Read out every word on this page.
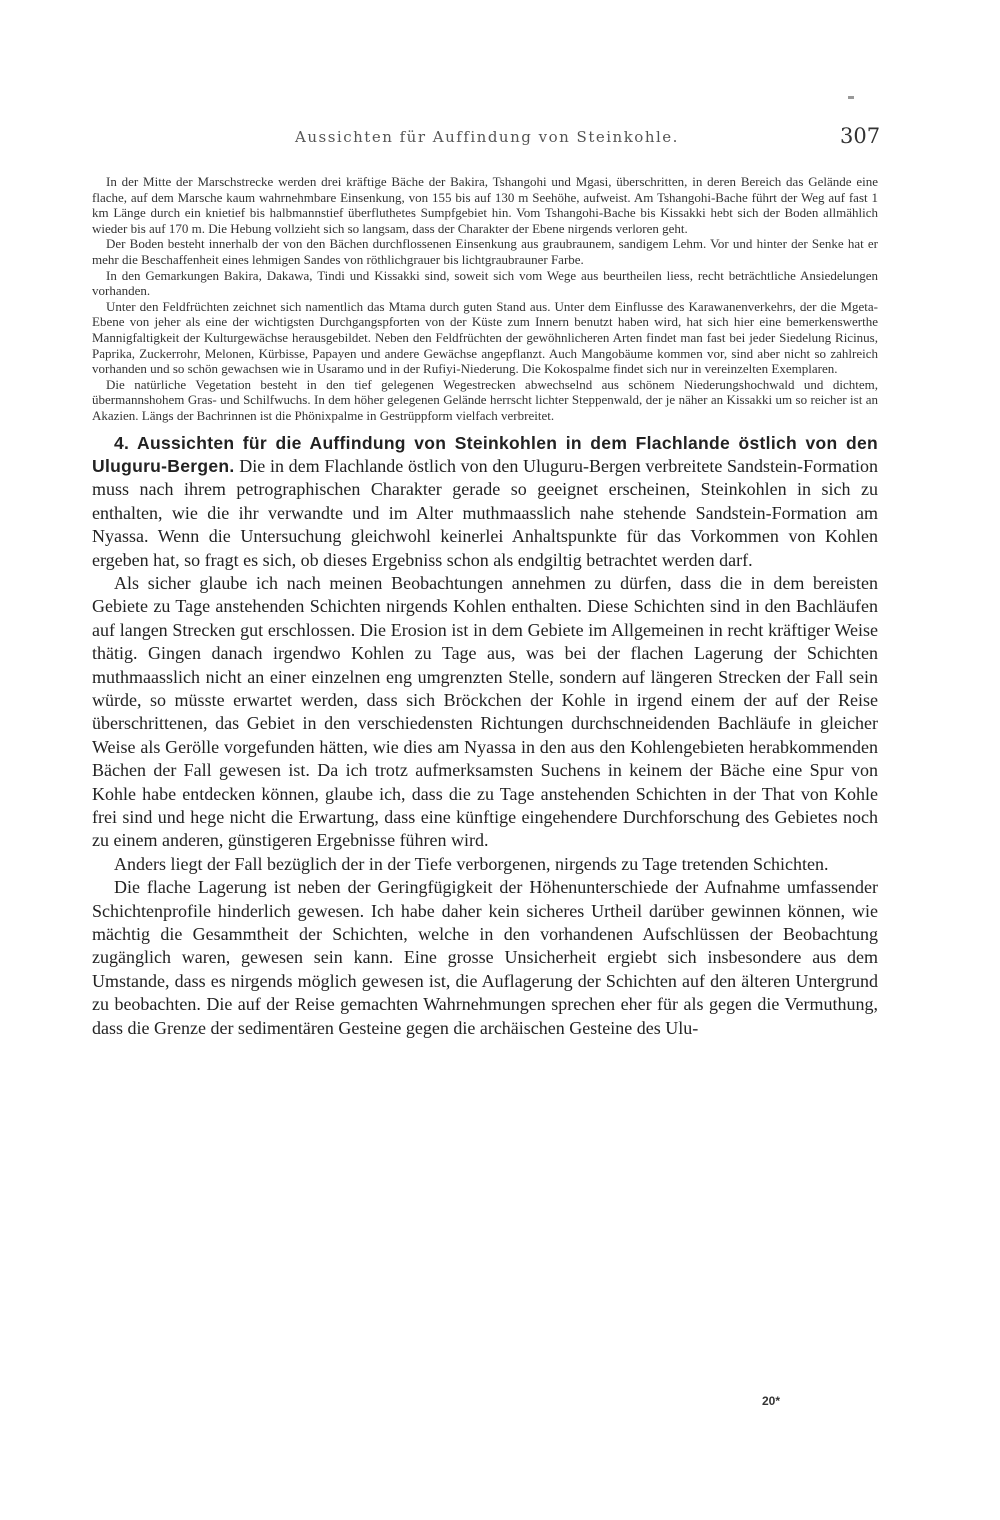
Aussichten für Auffindung von Steinkohle.	307

In der Mitte der Marschstrecke werden drei kräftige Bäche der Bakira, Tshangohi und Mgasi, überschritten, in deren Bereich das Gelände eine flache, auf dem Marsche kaum wahrnehmbare Einsenkung, von 155 bis auf 130 m Seehöhe, aufweist. Am Tshangohi-Bache führt der Weg auf fast 1 km Länge durch ein knietief bis halbmannstief überfluthetes Sumpfgebiet hin. Vom Tshangohi-Bache bis Kissakki hebt sich der Boden allmählich wieder bis auf 170 m. Die Hebung vollzieht sich so langsam, dass der Charakter der Ebene nirgends verloren geht.

Der Boden besteht innerhalb der von den Bächen durchflossenen Einsenkung aus graubraunem, sandigem Lehm. Vor und hinter der Senke hat er mehr die Beschaffenheit eines lehmigen Sandes von röthlichgrauer bis lichtgraubrauner Farbe.

In den Gemarkungen Bakira, Dakawa, Tindi und Kissakki sind, soweit sich vom Wege aus beurtheilen liess, recht beträchtliche Ansiedelungen vorhanden.

Unter den Feldfrüchten zeichnet sich namentlich das Mtama durch guten Stand aus. Unter dem Einflusse des Karawanenverkehrs, der die Mgeta-Ebene von jeher als eine der wichtigsten Durchgangspforten von der Küste zum Innern benutzt haben wird, hat sich hier eine bemerkenswerthe Mannigfaltigkeit der Kulturgewächse herausgebildet. Neben den Feldfrüchten der gewöhnlicheren Arten findet man fast bei jeder Siedelung Ricinus, Paprika, Zuckerrohr, Melonen, Kürbisse, Papayen und andere Gewächse angepflanzt. Auch Mangobäume kommen vor, sind aber nicht so zahlreich vorhanden und so schön gewachsen wie in Usaramo und in der Rufiyi-Niederung. Die Kokospalme findet sich nur in vereinzelten Exemplaren.

Die natürliche Vegetation besteht in den tief gelegenen Wegestrecken abwechselnd aus schönem Niederungshochwald und dichtem, übermannshohem Gras- und Schilfwuchs. In dem höher gelegenen Gelände herrscht lichter Steppenwald, der je näher an Kissakki um so reicher ist an Akazien. Längs der Bachrinnen ist die Phönixpalme in Gestrüppform vielfach verbreitet.

4. Aussichten für die Auffindung von Steinkohlen in dem Flachlande östlich von den Uluguru-Bergen. Die in dem Flachlande östlich von den Uluguru-Bergen verbreitete Sandstein-Formation muss nach ihrem petrographischen Charakter gerade so geeignet erscheinen, Steinkohlen in sich zu enthalten, wie die ihr verwandte und im Alter muthmaasslich nahe stehende Sandstein-Formation am Nyassa. Wenn die Untersuchung gleichwohl keinerlei Anhaltspunkte für das Vorkommen von Kohlen ergeben hat, so fragt es sich, ob dieses Ergebniss schon als endgiltig betrachtet werden darf.

Als sicher glaube ich nach meinen Beobachtungen annehmen zu dürfen, dass die in dem bereisten Gebiete zu Tage anstehenden Schichten nirgends Kohlen enthalten. Diese Schichten sind in den Bachläufen auf langen Strecken gut erschlossen. Die Erosion ist in dem Gebiete im Allgemeinen in recht kräftiger Weise thätig. Gingen danach irgendwo Kohlen zu Tage aus, was bei der flachen Lagerung der Schichten muthmaasslich nicht an einer einzelnen eng umgrenzten Stelle, sondern auf längeren Strecken der Fall sein würde, so müsste erwartet werden, dass sich Bröckchen der Kohle in irgend einem der auf der Reise überschrittenen, das Gebiet in den verschiedensten Richtungen durchschneidenden Bachläufe in gleicher Weise als Gerölle vorgefunden hätten, wie dies am Nyassa in den aus den Kohlengebieten herabkommenden Bächen der Fall gewesen ist. Da ich trotz aufmerksamsten Suchens in keinem der Bäche eine Spur von Kohle habe entdecken können, glaube ich, dass die zu Tage anstehenden Schichten in der That von Kohle frei sind und hege nicht die Erwartung, dass eine künftige eingehendere Durchforschung des Gebietes noch zu einem anderen, günstigeren Ergebnisse führen wird.

Anders liegt der Fall bezüglich der in der Tiefe verborgenen, nirgends zu Tage tretenden Schichten.

Die flache Lagerung ist neben der Geringfügigkeit der Höhenunterschiede der Aufnahme umfassender Schichtenprofile hinderlich gewesen. Ich habe daher kein sicheres Urtheil darüber gewinnen können, wie mächtig die Gesammtheit der Schichten, welche in den vorhandenen Aufschlüssen der Beobachtung zugänglich waren, gewesen sein kann. Eine grosse Unsicherheit ergiebt sich insbesondere aus dem Umstande, dass es nirgends möglich gewesen ist, die Auflagerung der Schichten auf den älteren Untergrund zu beobachten. Die auf der Reise gemachten Wahrnehmungen sprechen eher für als gegen die Vermuthung, dass die Grenze der sedimentären Gesteine gegen die archäischen Gesteine des Ulu-

20*
